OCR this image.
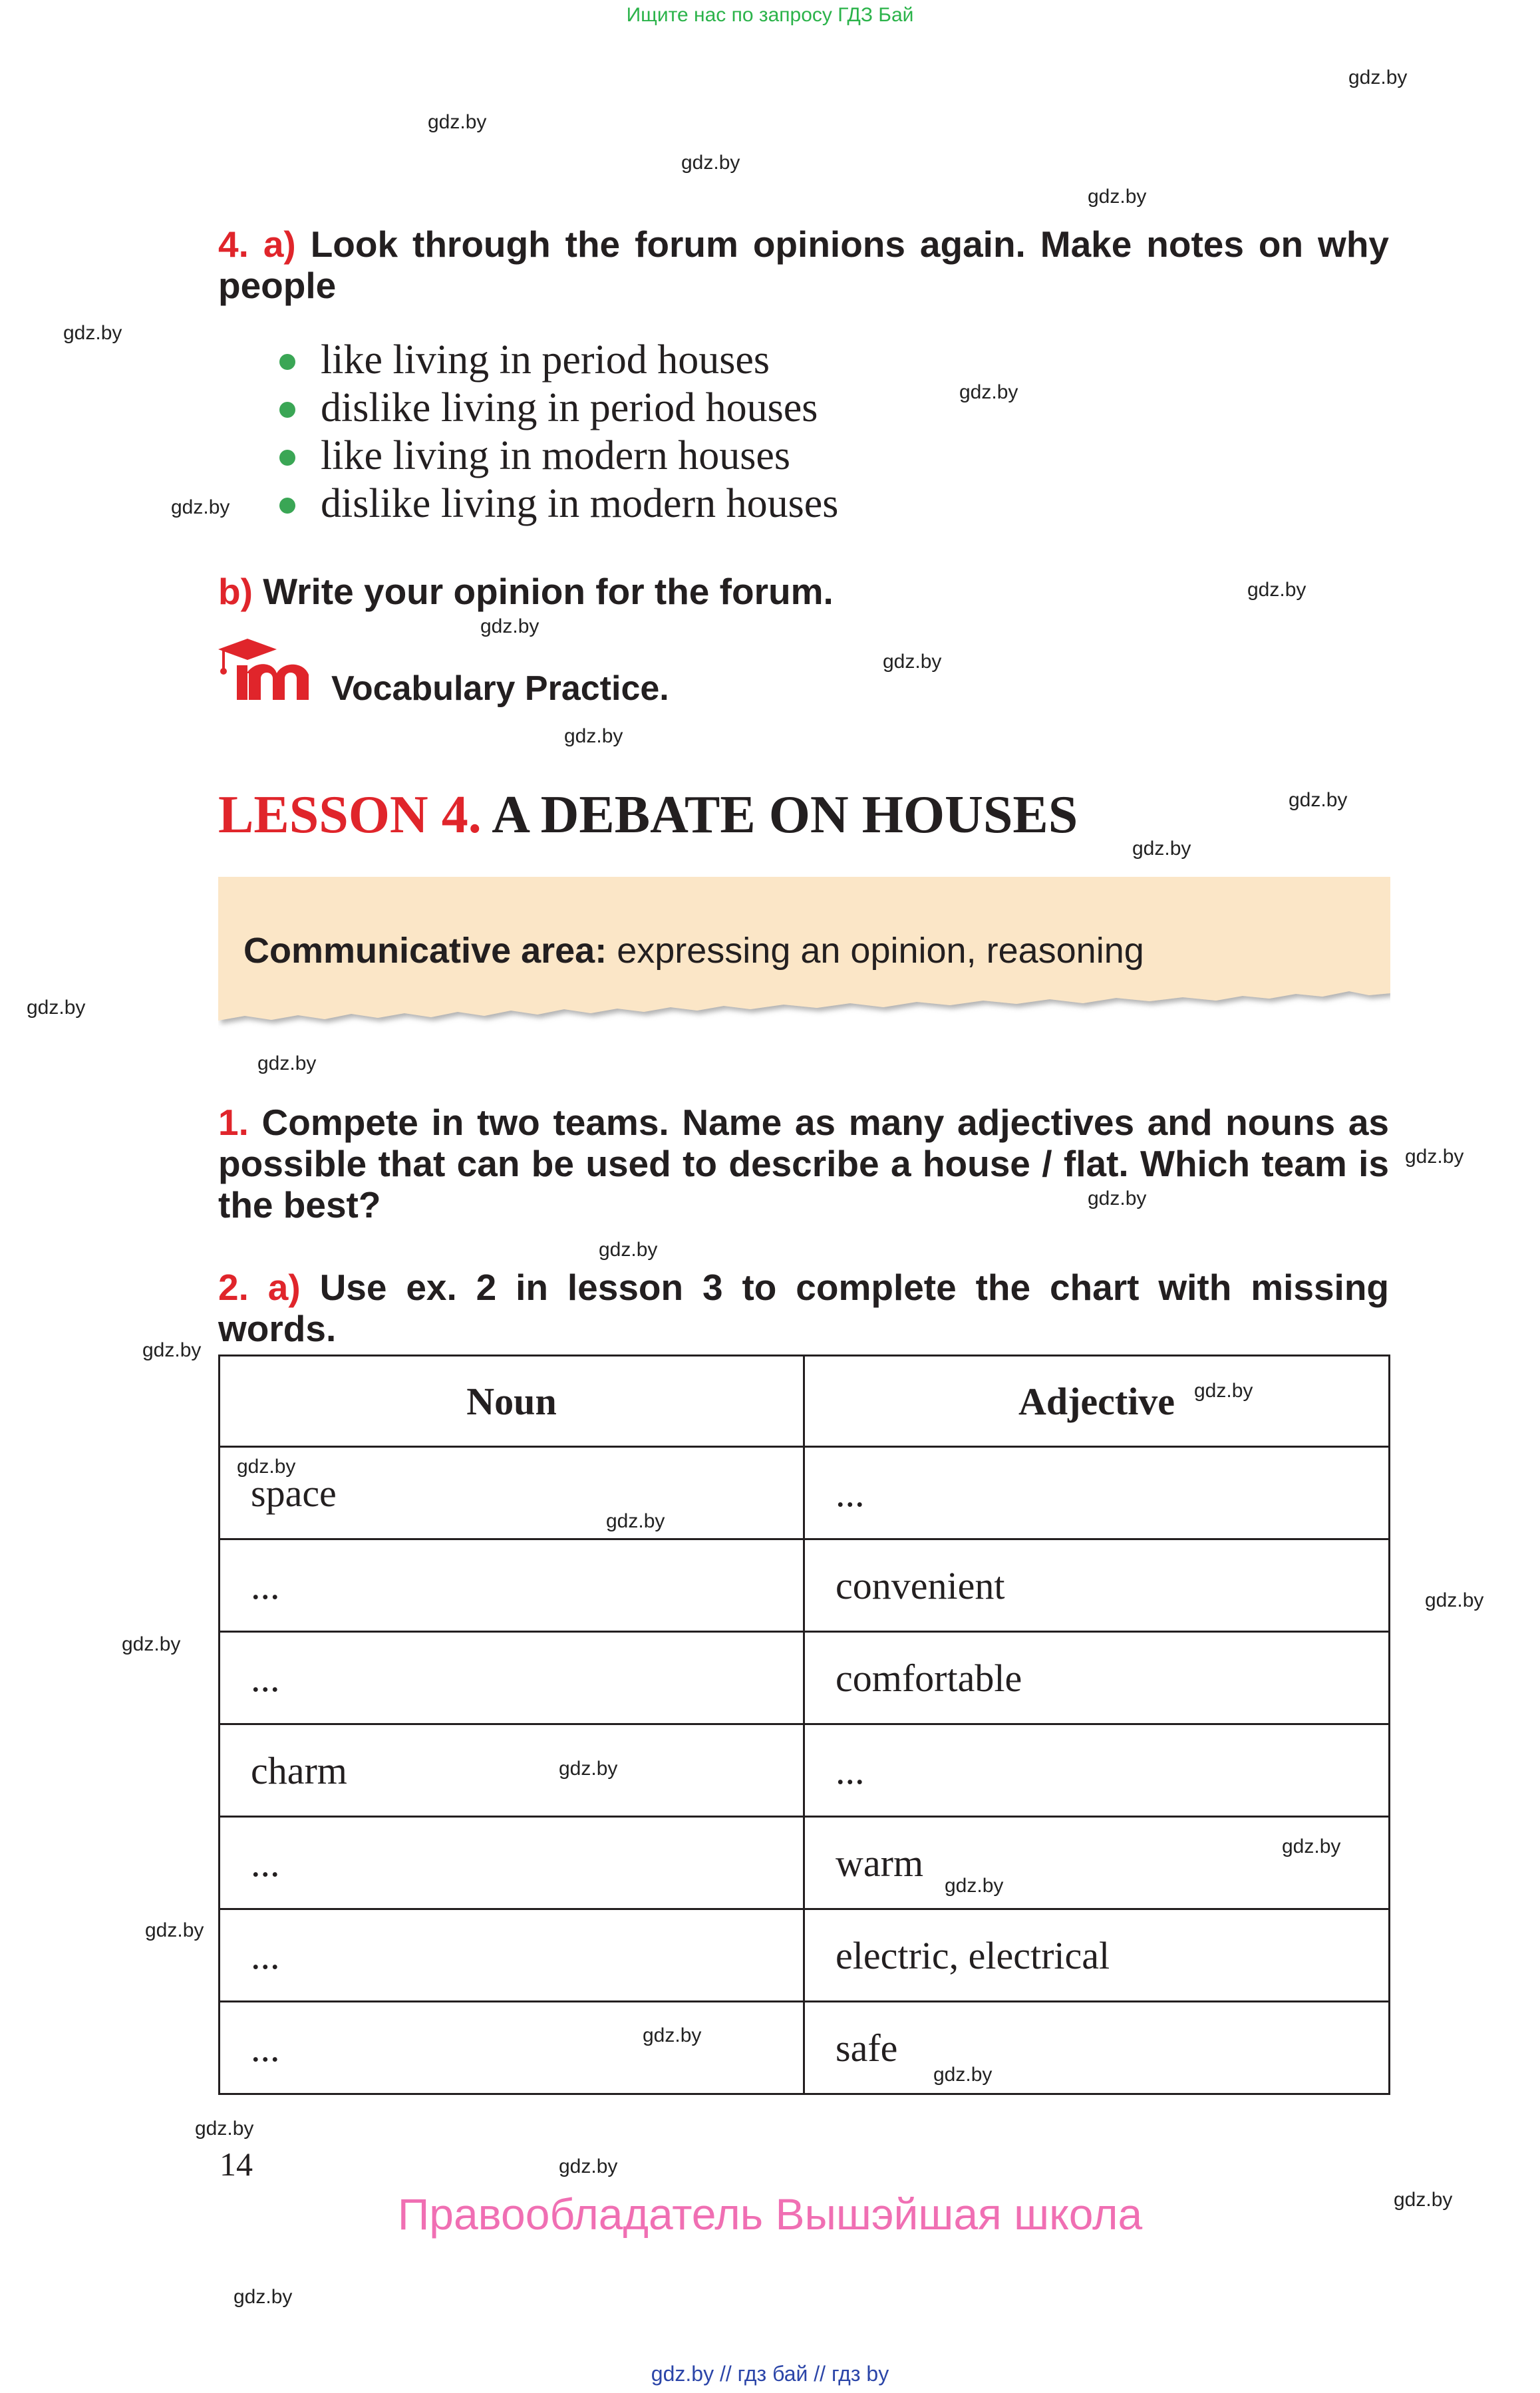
Ищите нас по запросу ГДЗ Бай
gdz.by
gdz.by
gdz.by
gdz.by
gdz.by
gdz.by
gdz.by
gdz.by
gdz.by
gdz.by
gdz.by
gdz.by
gdz.by
gdz.by
gdz.by
gdz.by
gdz.by
gdz.by
gdz.by
gdz.by
gdz.by
gdz.by
gdz.by
gdz.by
gdz.by
gdz.by
gdz.by
gdz.by
gdz.by
gdz.by
gdz.by
gdz.by
gdz.by
gdz.by
4. a) Look through the forum opinions again. Make notes on why people
like living in period houses
dislike living in period houses
like living in modern houses
dislike living in modern houses
b) Write your opinion for the forum.
Vocabulary Practice.
LESSON 4. A DEBATE ON HOUSES
Communicative area: expressing an opinion, reasoning
1. Compete in two teams. Name as many adjectives and nouns as possible that can be used to describe a house / flat. Which team is the best?
2. a) Use ex. 2 in lesson 3 to complete the chart with missing words.
Noun	Adjective
space	...
...	convenient
...	comfortable
charm	...
...	warm
...	electric, electrical
...	safe
14
Правообладатель Вышэйшая школа
gdz.by // гдз бай // гдз by
